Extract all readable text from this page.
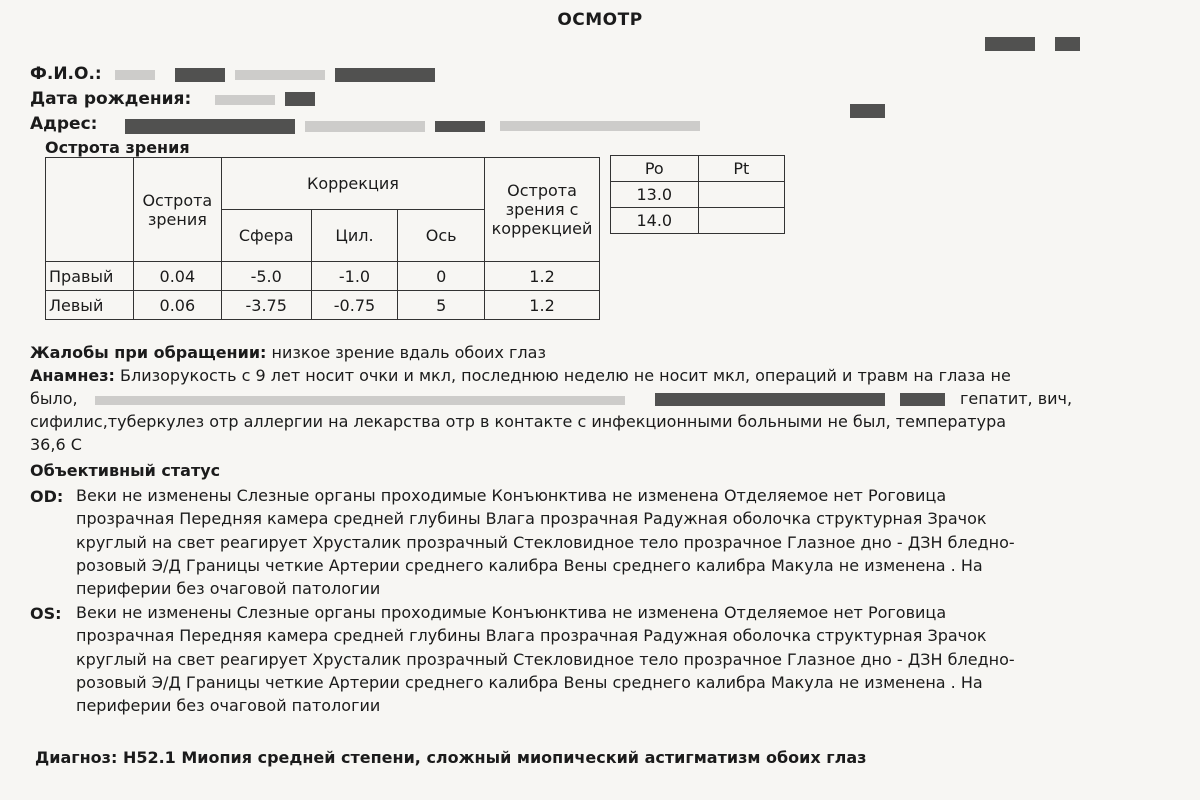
ОСМОТР
Ф.И.О.:
Дата рождения:
Адрес:
Острота зрения
	Острота зрения	Коррекция			Острота зрения с коррекцией
		Сфера	Цил.	Ось	
Правый	0.04	-5.0	-1.0	0	1.2
Левый	0.06	-3.75	-0.75	5	1.2
Po	Pt
13.0	
14.0	
Жалобы при обращении: низкое зрение вдаль обоих глаз
Анамнез: Близорукость с 9 лет носит очки и мкл, последнюю неделю не носит мкл, операций и травм на глаза не
было,	гепатит, вич,
сифилис,туберкулез отр аллергии на лекарства отр в контакте с инфекционными больными не был, температура
36,6 С
Объективный статус
OD: Веки не изменены Слезные органы проходимые Конъюнктива не изменена Отделяемое нет Роговица
прозрачная Передняя камера средней глубины Влага прозрачная Радужная оболочка структурная Зрачок
круглый на свет реагирует Хрусталик прозрачный Стекловидное тело прозрачное Глазное дно - ДЗН бледно-
розовый Э/Д Границы четкие Артерии среднего калибра Вены среднего калибра Макула не изменена . На
периферии без очаговой патологии
OS: Веки не изменены Слезные органы проходимые Конъюнктива не изменена Отделяемое нет Роговица
прозрачная Передняя камера средней глубины Влага прозрачная Радужная оболочка структурная Зрачок
круглый на свет реагирует Хрусталик прозрачный Стекловидное тело прозрачное Глазное дно - ДЗН бледно-
розовый Э/Д Границы четкие Артерии среднего калибра Вены среднего калибра Макула не изменена . На
периферии без очаговой патологии
Диагноз: Н52.1 Миопия средней степени, сложный миопический астигматизм обоих глаз
